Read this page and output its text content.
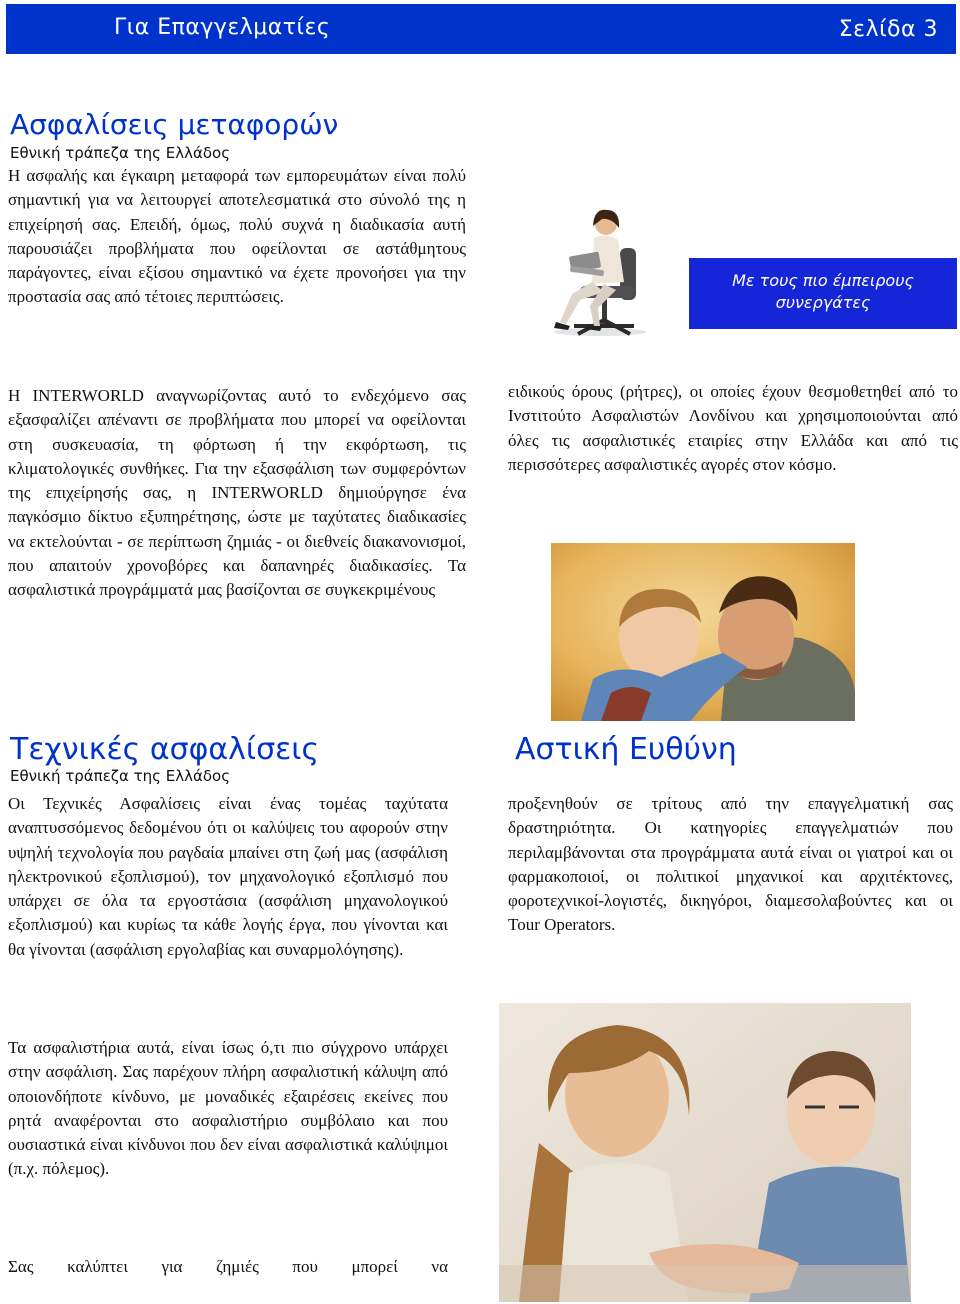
Για Επαγγελματίες	Σελίδα 3
Ασφαλίσεις μεταφορών
Εθνική τράπεζα της Ελλάδος

Η ασφαλής και έγκαιρη μεταφορά των εμπορευμάτων είναι πολύ σημαντική για να λειτουργεί αποτελεσματικά στο σύνολό της η επιχείρησή σας. Επειδή, όμως, πολύ συχνά η διαδικασία αυτή παρουσιάζει προβλήματα που οφείλονται σε αστάθμητους παράγοντες, είναι εξίσου σημαντικό να έχετε προνοήσει για την προστασία σας από τέτοιες περιπτώσεις.

Η INTERWORLD αναγνωρίζοντας αυτό το ενδεχόμενο σας εξασφαλίζει απέναντι σε προβλήματα που μπορεί να οφείλονται στη συσκευασία, τη φόρτωση ή την εκφόρτωση, τις κλιματολογικές συνθήκες. Για την εξασφάλιση των συμφερόντων της επιχείρησής σας, η INTERWORLD δημιούργησε ένα παγκόσμιο δίκτυο εξυπηρέτησης, ώστε με ταχύτατες διαδικασίες να εκτελούνται - σε περίπτωση ζημιάς - οι διεθνείς διακανονισμοί, που απαιτούν χρονοβόρες και δαπανηρές διαδικασίες. Τα ασφαλιστικά προγράμματά μας βασίζονται σε συγκεκριμένους

ειδικούς όρους (ρήτρες), οι οποίες έχουν θεσμοθετηθεί από το Ινστιτούτο Ασφαλιστών Λονδίνου και χρησιμοποιούνται από όλες τις ασφαλιστικές εταιρίες στην Ελλάδα και από τις περισσότερες ασφαλιστικές αγορές στον κόσμο.

Με τους πιο έμπειρους
συνεργάτες
Τεχνικές ασφαλίσεις
Εθνική τράπεζα της Ελλάδος

Οι Τεχνικές Ασφαλίσεις είναι ένας τομέας ταχύτατα αναπτυσσόμενος δεδομένου ότι οι καλύψεις του αφορούν στην υψηλή τεχνολογία που ραγδαία μπαίνει στη ζωή μας (ασφάλιση ηλεκτρονικού εξοπλισμού), τον μηχανολογικό εξοπλισμό που υπάρχει σε όλα τα εργοστάσια (ασφάλιση μηχανολογικού εξοπλισμού) και κυρίως τα κάθε λογής έργα, που γίνονται και θα γίνονται (ασφάλιση εργολαβίας και συναρμολόγησης).

Τα ασφαλιστήρια αυτά, είναι ίσως ό,τι πιο σύγχρονο υπάρχει στην ασφάλιση. Σας παρέχουν πλήρη ασφαλιστική κάλυψη από οποιονδήποτε κίνδυνο, με μοναδικές εξαιρέσεις εκείνες που ρητά αναφέρονται στο ασφαλιστήριο συμβόλαιο και που ουσιαστικά είναι κίνδυνοι που δεν είναι ασφαλιστικά καλύψιμοι (π.χ. πόλεμος).

Σας καλύπτει για ζημιές που μπορεί να

Αστική Ευθύνη

προξενηθούν σε τρίτους από την επαγγελματική σας δραστηριότητα. Οι κατηγορίες επαγγελματιών που περιλαμβάνονται στα προγράμματα αυτά είναι οι γιατροί και οι φαρμακοποιοί, οι πολιτικοί μηχανικοί και αρχιτέκτονες, φοροτεχνικοί-λογιστές, δικηγόροι, διαμεσολαβούντες και οι Tour Operators.
